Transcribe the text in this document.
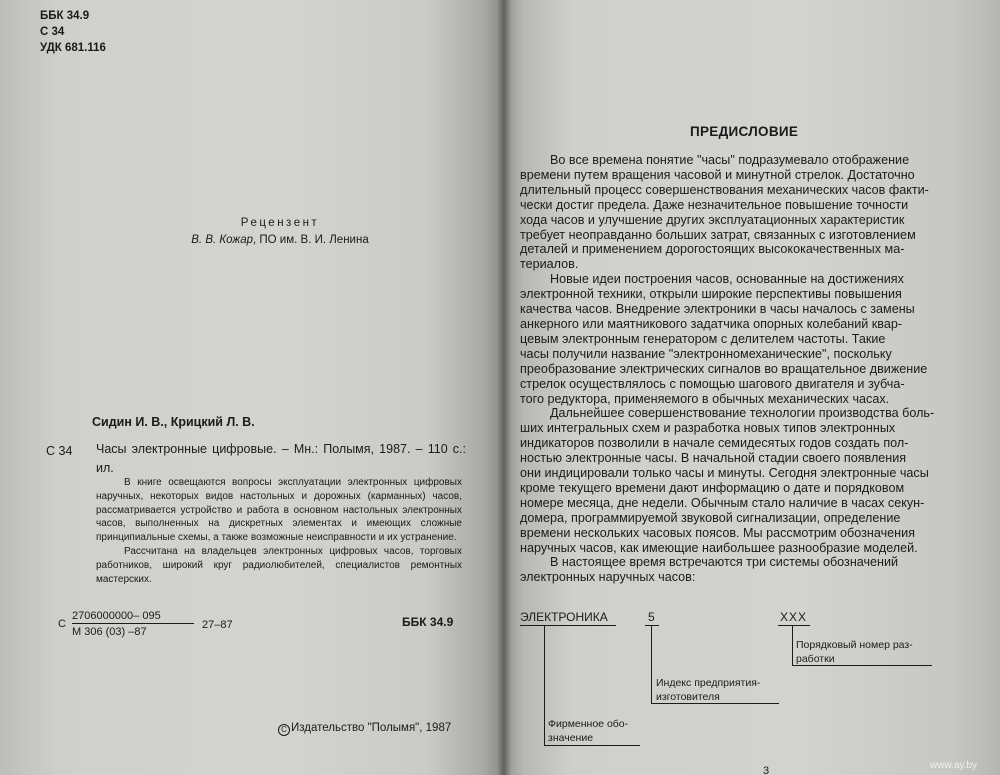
ББК 34.9
С 34
УДК 681.116
Рецензент
В. В. Кожар, ПО им. В. И. Ленина
Сидин И. В., Крицкий Л. В.
С 34 Часы электронные цифровые. – Мн.: Полымя, 1987. – 110 с.: ил.

В книге освещаются вопросы эксплуатации электронных цифровых наручных, некоторых видов настольных и дорожных (карманных) часов, рассматривается устройство и работа в основном настольных электронных часов, выполненных на дискретных элементах и имеющих сложные принципиальные схемы, а также возможные неисправности и их устранение.

Рассчитана на владельцев электронных цифровых часов, торговых работников, широкий круг радиолюбителей, специалистов ремонтных мастерских.

С
2706000000– 095
М 306 (03) –87
27–87	ББК 34.9
C Издательство "Полымя", 1987
ПРЕДИСЛОВИЕ

Во все времена понятие "часы" подразумевало отображение
времени путем вращения часовой и минутной стрелок. Достаточно
длительный процесс совершенствования механических часов факти-
чески достиг предела. Даже незначительное повышение точности
хода часов и улучшение других эксплуатационных характеристик
требует неоправданно больших затрат, связанных с изготовлением
деталей и применением дорогостоящих высококачественных ма-
териалов.

Новые идеи построения часов, основанные на достижениях
электронной техники, открыли широкие перспективы повышения
качества часов. Внедрение электроники в часы началось с замены
анкерного или маятникового задатчика опорных колебаний квар-
цевым электронным генератором с делителем частоты. Такие
часы получили название "электронномеханические", поскольку
преобразование электрических сигналов во вращательное движение
стрелок осуществлялось с помощью шагового двигателя и зубча-
того редуктора, применяемого в обычных механических часах.

Дальнейшее совершенствование технологии производства боль-
ших интегральных схем и разработка новых типов электронных
индикаторов позволили в начале семидесятых годов создать пол-
ностью электронные часы. В начальной стадии своего появления
они индицировали только часы и минуты. Сегодня электронные часы
кроме текущего времени дают информацию о дате и порядковом
номере месяца, дне недели. Обычным стало наличие в часах секун-
домера, программируемой звуковой сигнализации, определение
времени нескольких часовых поясов. Мы рассмотрим обозначения
наручных часов, как имеющие наибольшее разнообразие моделей.

В настоящее время встречаются три системы обозначений
электронных наручных часов:

ЭЛЕКТРОНИКА	5	ХХХ
Порядковый номер раз-
работки
Индекс предприятия-
изготовителя
Фирменное обо-
значение
3	www.ay.by
